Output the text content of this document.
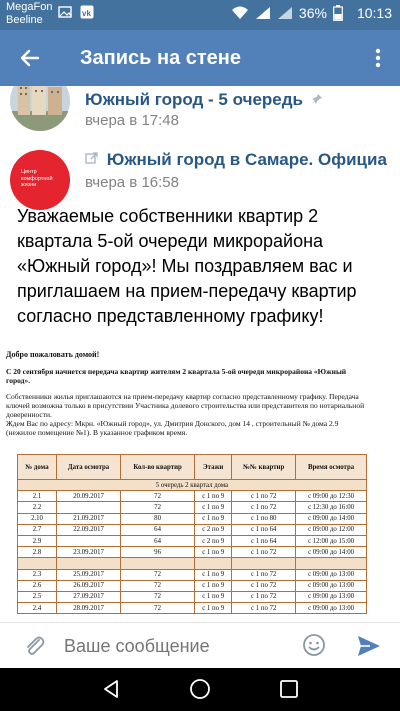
MegaFon
Beeline
vk	36% 10:13
Запись на стене
Южный город - 5 очередь
вчера в 17:48
Центр
комфортной
жизни
Южный город в Самаре. Официа
вчера в 16:58
Уважаемые собственники квартир 2 квартала 5-ой очереди микрорайона «Южный город»! Мы поздравляем вас и приглашаем на прием-передачу квартир согласно представленному графику!
Добро пожаловать домой!
С 20 сентября начнется передача квартир жителям 2 квартала 5-ой очереди микрорайона «Южный город».
Собственники жилья приглашаются на прием-передачу квартир согласно представленному графику. Передача ключей возможна только в присутствии Участника долевого строительства или представителя по нотариальной доверенности.
Ждем Вас по адресу: Мкрн. «Южный город», ул. Дмитрия Донского, дом 14 , строительный № дома 2.9 (нежилое помещение №1). В указанное графиком время.
№ дома	Дата осмотра	Кол-во квартир	Этажи	№№ квартир	Время осмотра
5 очередь 2 квартал дома					
2.1	20.09.2017	72	с 1 по 9	с 1 по 72	с 09:00 до 12:30
2.2		72	с 1 по 9	с 1 по 72	с 12:30 до 16:00
2.10	21.09.2017	80	с 1 по 9	с 1 по 80	с 09:00 до 14:00
2.7	22.09.2017	64	с 2 по 9	с 1 по 64	с 09:00 до 12:00
2.9		64	с 2 по 9	с 1 по 64	с 12:00 до 15:00
2.8	23.09.2017	96	с 1 по 9	с 1 по 72	с 09:00 до 14:00

2.3	25.09.2017	72	с 1 по 9	с 1 по 72	с 09:00 до 13:00
2.6	26.09.2017	72	с 1 по 9	с 1 по 72	с 09:00 до 13:00
2.5	27.09.2017	72	с 1 по 9	с 1 по 72	с 09:00 до 13:00
2.4	28.09.2017	72	с 1 по 9	с 1 по 72	с 09:00 до 13:00
Ваше сообщение
